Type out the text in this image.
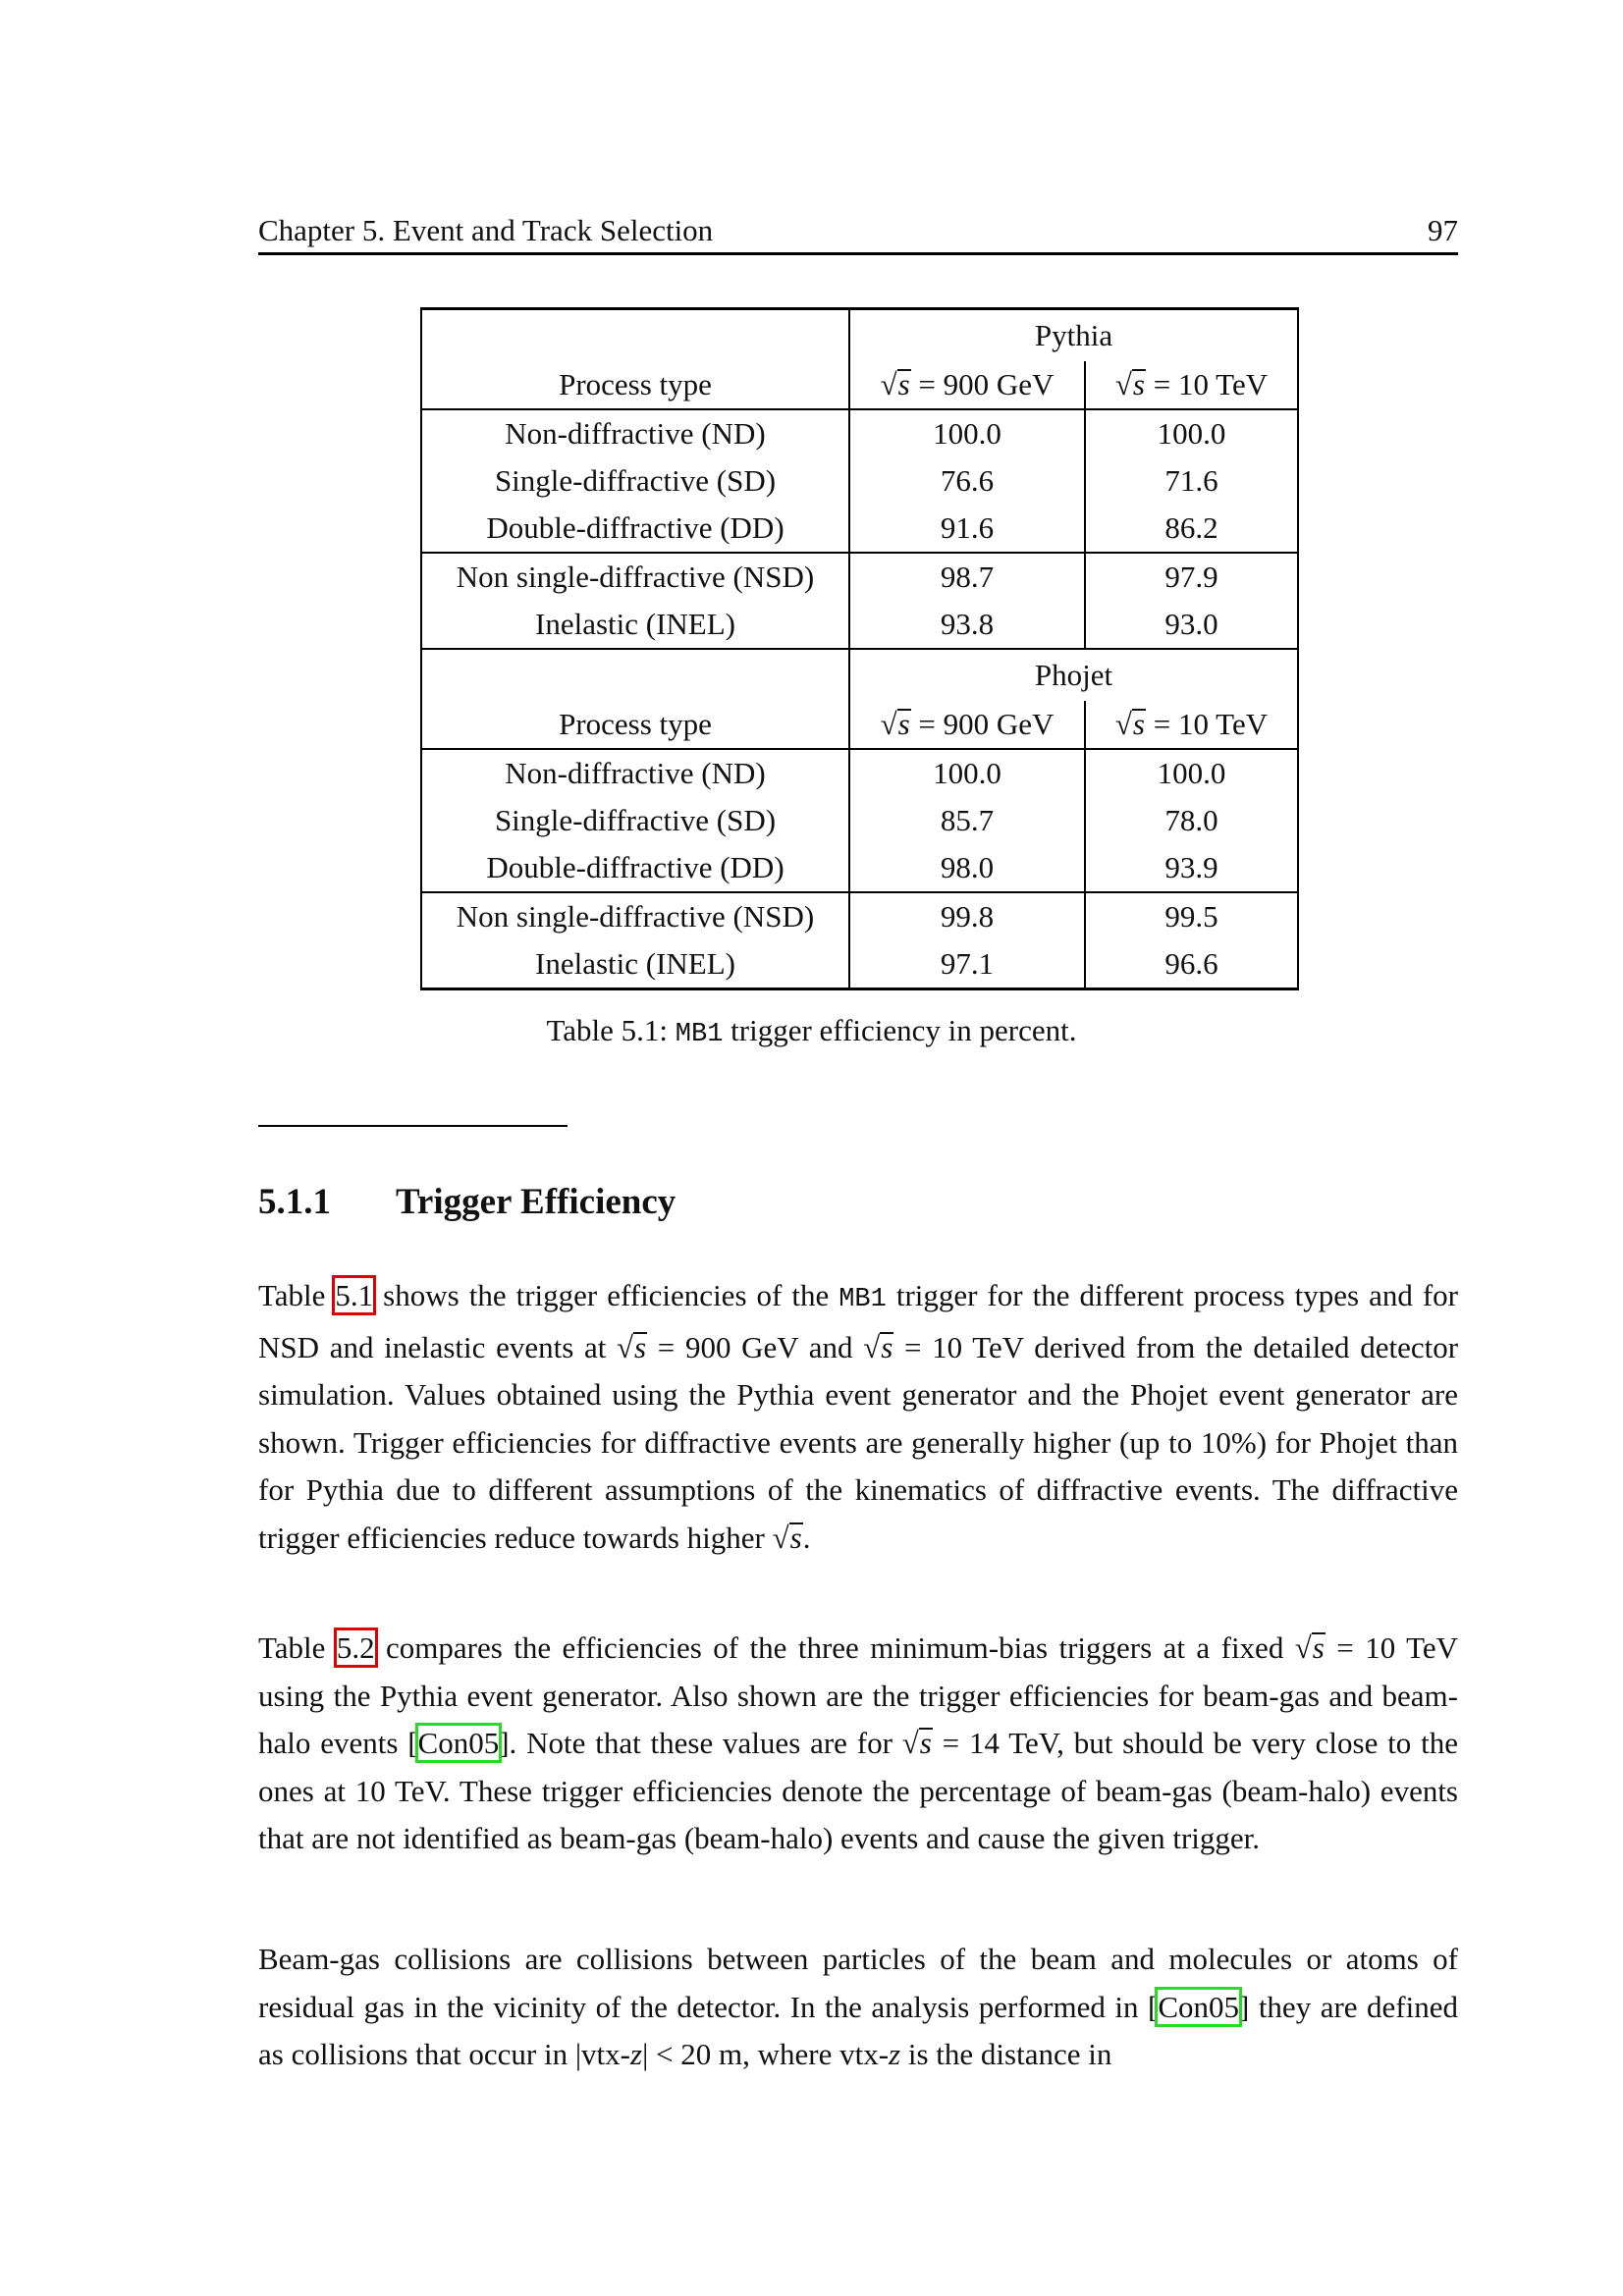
Chapter 5. Event and Track Selection	97
	Pythia	
Process type	√s = 900 GeV	√s = 10 TeV
Non-diffractive (ND)	100.0	100.0
Single-diffractive (SD)	76.6	71.6
Double-diffractive (DD)	91.6	86.2
Non single-diffractive (NSD)	98.7	97.9
Inelastic (INEL)	93.8	93.0
	Phojet	
Process type	√s = 900 GeV	√s = 10 TeV
Non-diffractive (ND)	100.0	100.0
Single-diffractive (SD)	85.7	78.0
Double-diffractive (DD)	98.0	93.9
Non single-diffractive (NSD)	99.8	99.5
Inelastic (INEL)	97.1	96.6
Table 5.1: MB1 trigger efficiency in percent.
5.1.1 Trigger Efficiency
Table 5.1 shows the trigger efficiencies of the MB1 trigger for the different process types and for NSD and inelastic events at √s = 900 GeV and √s = 10 TeV derived from the detailed detector simulation. Values obtained using the Pythia event generator and the Phojet event generator are shown. Trigger efficiencies for diffractive events are generally higher (up to 10%) for Phojet than for Pythia due to different assumptions of the kinematics of diffractive events. The diffractive trigger efficiencies reduce towards higher √s.
Table 5.2 compares the efficiencies of the three minimum-bias triggers at a fixed √s = 10 TeV using the Pythia event generator. Also shown are the trigger efficiencies for beam-gas and beam-halo events [Con05]. Note that these values are for √s = 14 TeV, but should be very close to the ones at 10 TeV. These trigger efficiencies denote the percentage of beam-gas (beam-halo) events that are not identified as beam-gas (beam-halo) events and cause the given trigger.
Beam-gas collisions are collisions between particles of the beam and molecules or atoms of residual gas in the vicinity of the detector. In the analysis performed in [Con05] they are defined as collisions that occur in |vtx-z| < 20 m, where vtx-z is the distance in
